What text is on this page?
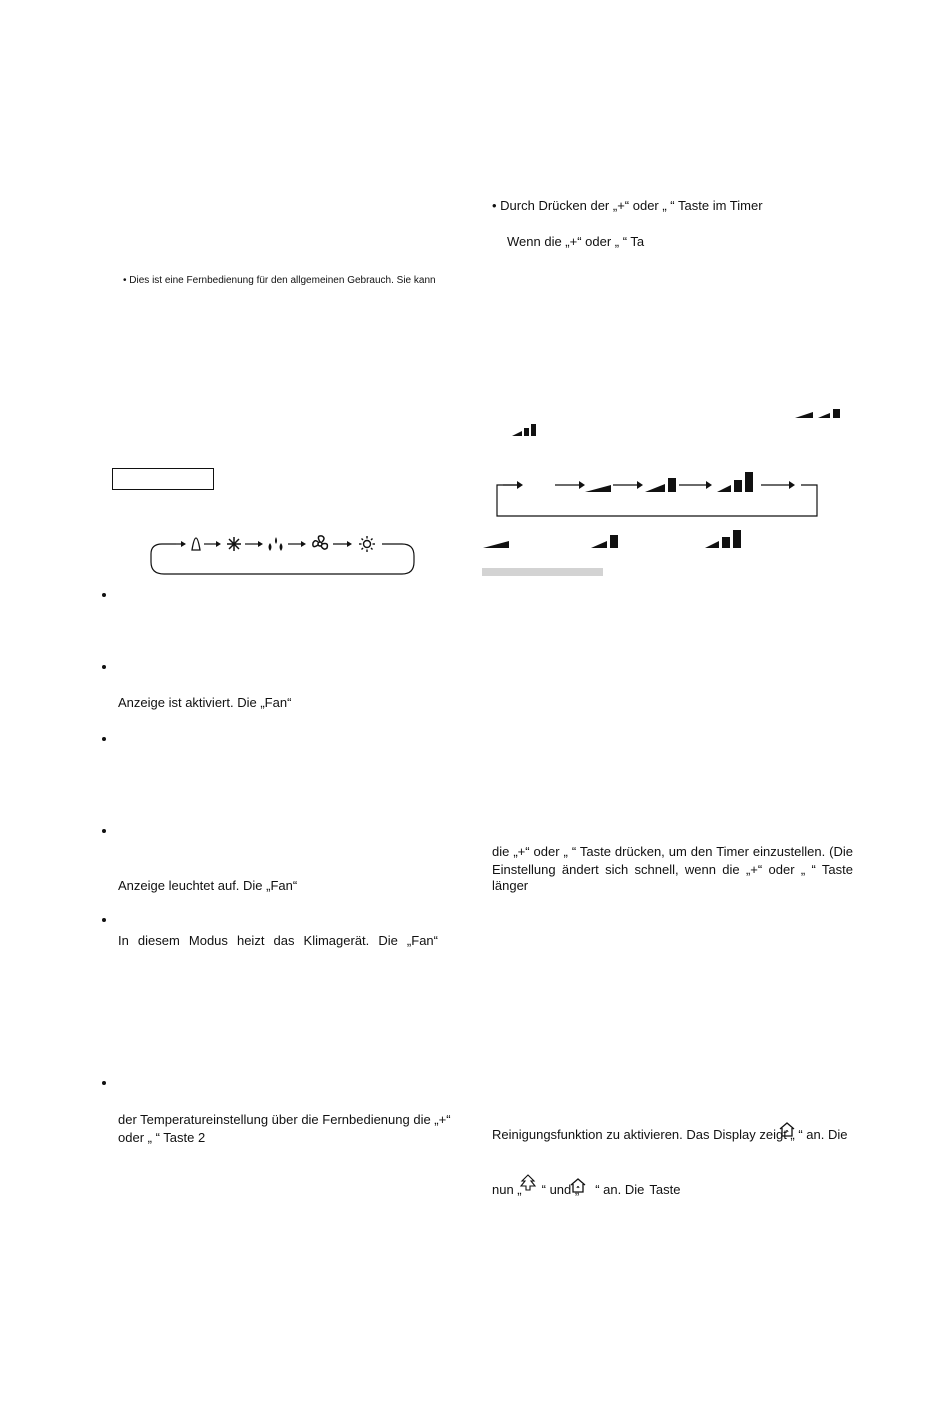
• Dies ist eine Fernbedienung für den allgemeinen Gebrauch. Sie kann
Anzeige ist aktiviert. Die „Fan“
Anzeige leuchtet auf. Die „Fan“
In diesem Modus heizt das Klimagerät. Die „Fan“
der Temperatureinstellung über die Fernbedienung die „+“
oder „ “ Taste 2
• Durch Drücken der „+“ oder „ “ Taste im Timer
Wenn die „+“ oder „ “ Ta
die „+“ oder „ “ Taste drücken, um den Timer einzustellen. (Die
Einstellung ändert sich schnell, wenn die „+“ oder „ “ Taste länger
Reinigungsfunktion zu aktivieren. Das Display zeigt „ “ an. Die
nun „ “ und „ “ an. Die Taste
